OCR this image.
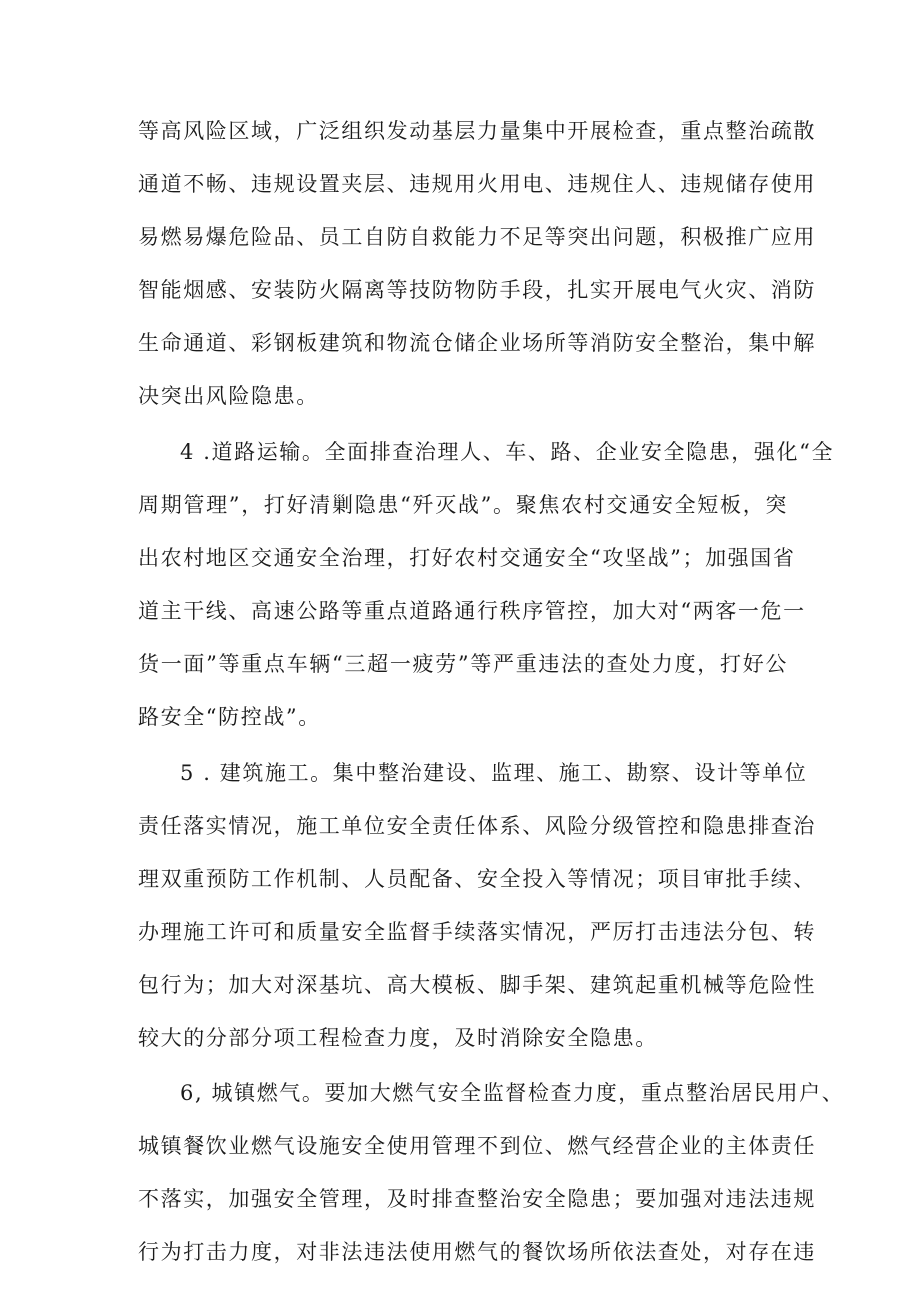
等高风险区域，广泛组织发动基层力量集中开展检查，重点整治疏散
通道不畅、违规设置夹层、违规用火用电、违规住人、违规储存使用
易燃易爆危险品、员工自防自救能力不足等突出问题，积极推广应用
智能烟感、安装防火隔离等技防物防手段，扎实开展电气火灾、消防
生命通道、彩钢板建筑和物流仓储企业场所等消防安全整治，集中解
决突出风险隐患。
4 .道路运输。全面排查治理人、车、路、企业安全隐患，强化“全
周期管理”，打好清剿隐患“歼灭战”。聚焦农村交通安全短板，突
出农村地区交通安全治理，打好农村交通安全“攻坚战”；加强国省
道主干线、高速公路等重点道路通行秩序管控，加大对“两客一危一
货一面”等重点车辆“三超一疲劳”等严重违法的查处力度，打好公
路安全“防控战”。
5 . 建筑施工。集中整治建设、监理、施工、勘察、设计等单位
责任落实情况，施工单位安全责任体系、风险分级管控和隐患排查治
理双重预防工作机制、人员配备、安全投入等情况；项目审批手续、
办理施工许可和质量安全监督手续落实情况，严厉打击违法分包、转
包行为；加大对深基坑、高大模板、脚手架、建筑起重机械等危险性
较大的分部分项工程检查力度，及时消除安全隐患。
6, 城镇燃气。要加大燃气安全监督检查力度，重点整治居民用户、
城镇餐饮业燃气设施安全使用管理不到位、燃气经营企业的主体责任
不落实，加强安全管理，及时排查整治安全隐患；要加强对违法违规
行为打击力度，对非法违法使用燃气的餐饮场所依法查处，对存在违
